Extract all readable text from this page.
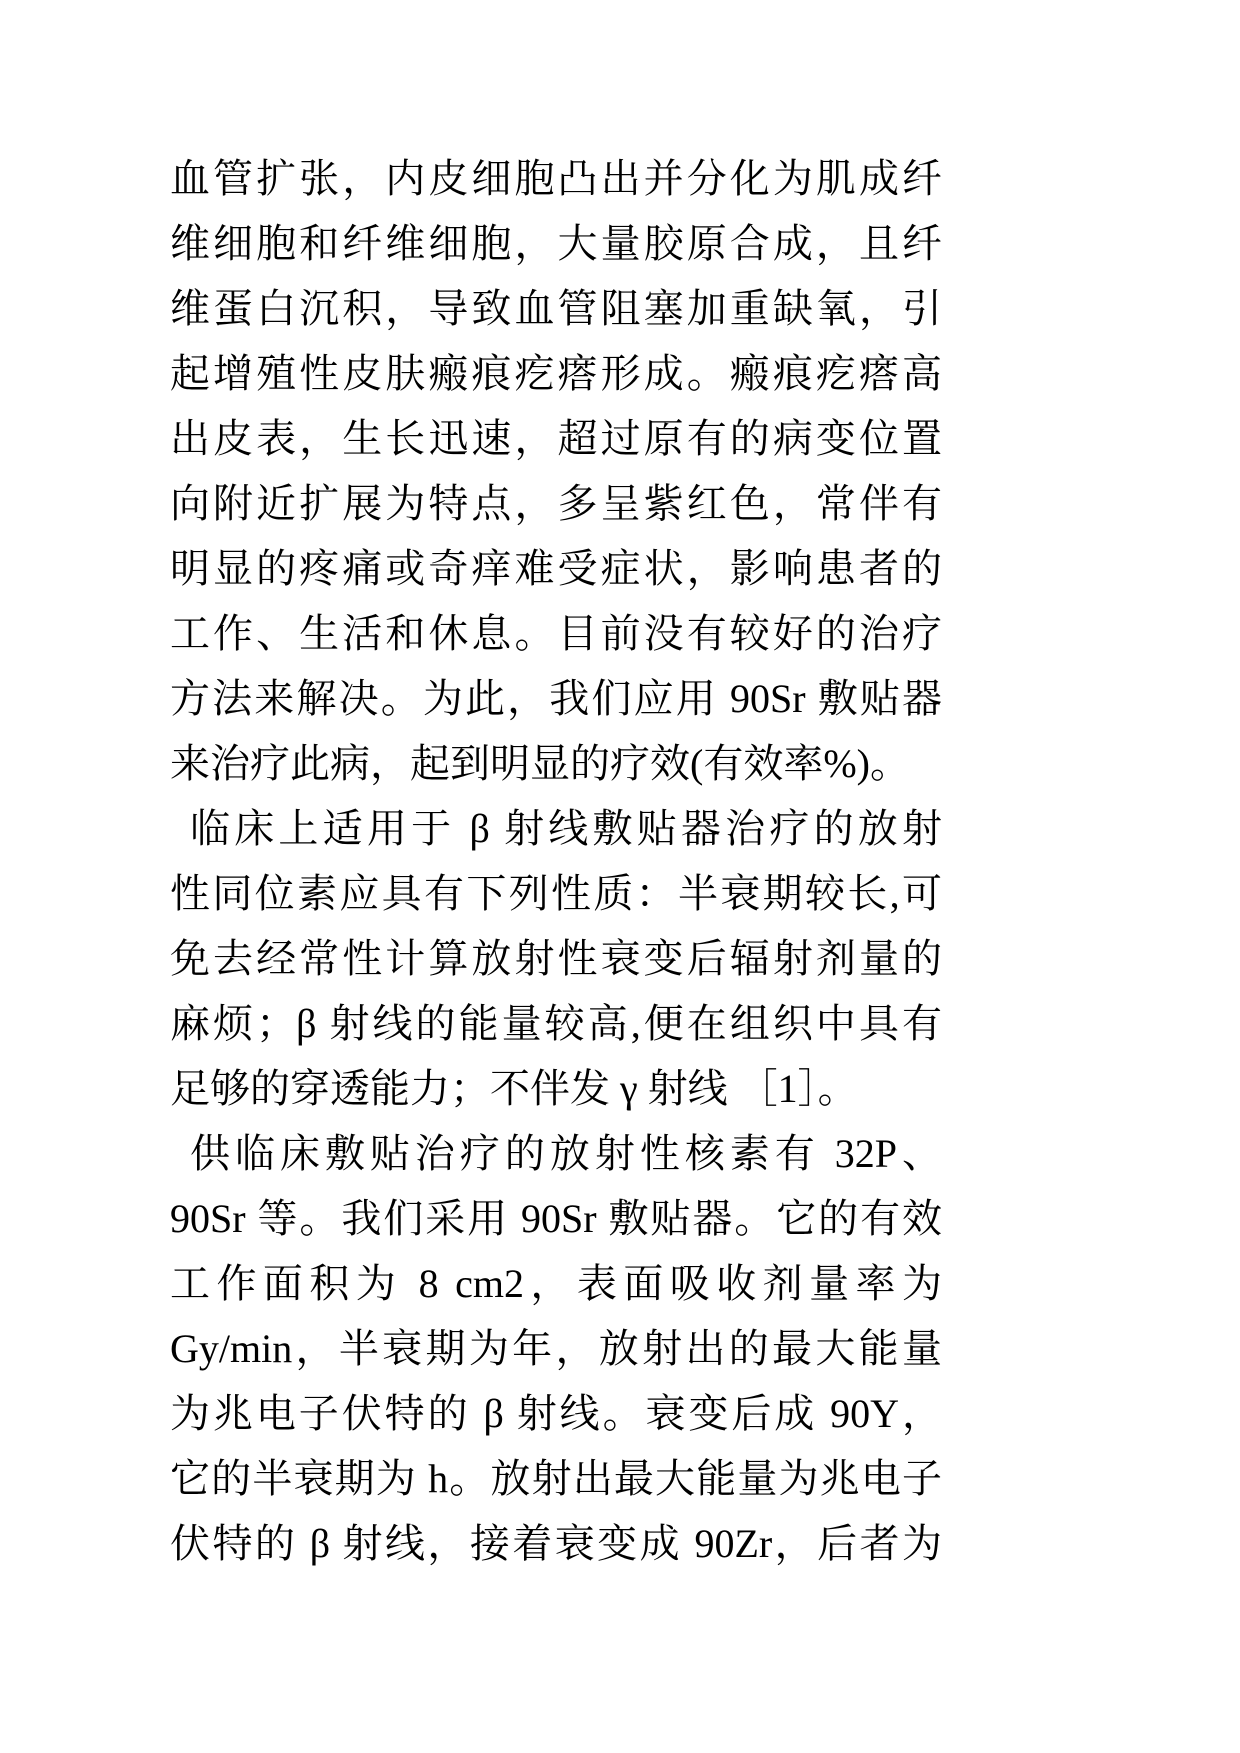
血管扩张，内皮细胞凸出并分化为肌成纤
维细胞和纤维细胞，大量胶原合成，且纤
维蛋白沉积，导致血管阻塞加重缺氧，引
起增殖性皮肤瘢痕疙瘩形成。瘢痕疙瘩高
出皮表，生长迅速，超过原有的病变位置
向附近扩展为特点，多呈紫红色，常伴有
明显的疼痛或奇痒难受症状，影响患者的
工作、生活和休息。目前没有较好的治疗
方法来解决。为此，我们应用 90Sr 敷贴器
来治疗此病，起到明显的疗效(有效率%)。
临床上适用于 β 射线敷贴器治疗的放射
性同位素应具有下列性质：半衰期较长,可
免去经常性计算放射性衰变后辐射剂量的
麻烦；β 射线的能量较高,便在组织中具有
足够的穿透能力；不伴发 γ 射线 ［1］。
供临床敷贴治疗的放射性核素有 32P、
90Sr 等。我们采用 90Sr 敷贴器。它的有效
工作面积为 8 cm2，表面吸收剂量率为
Gy/min，半衰期为年，放射出的最大能量
为兆电子伏特的 β 射线。衰变后成 90Y，
它的半衰期为 h。放射出最大能量为兆电子
伏特的 β 射线，接着衰变成 90Zr，后者为
